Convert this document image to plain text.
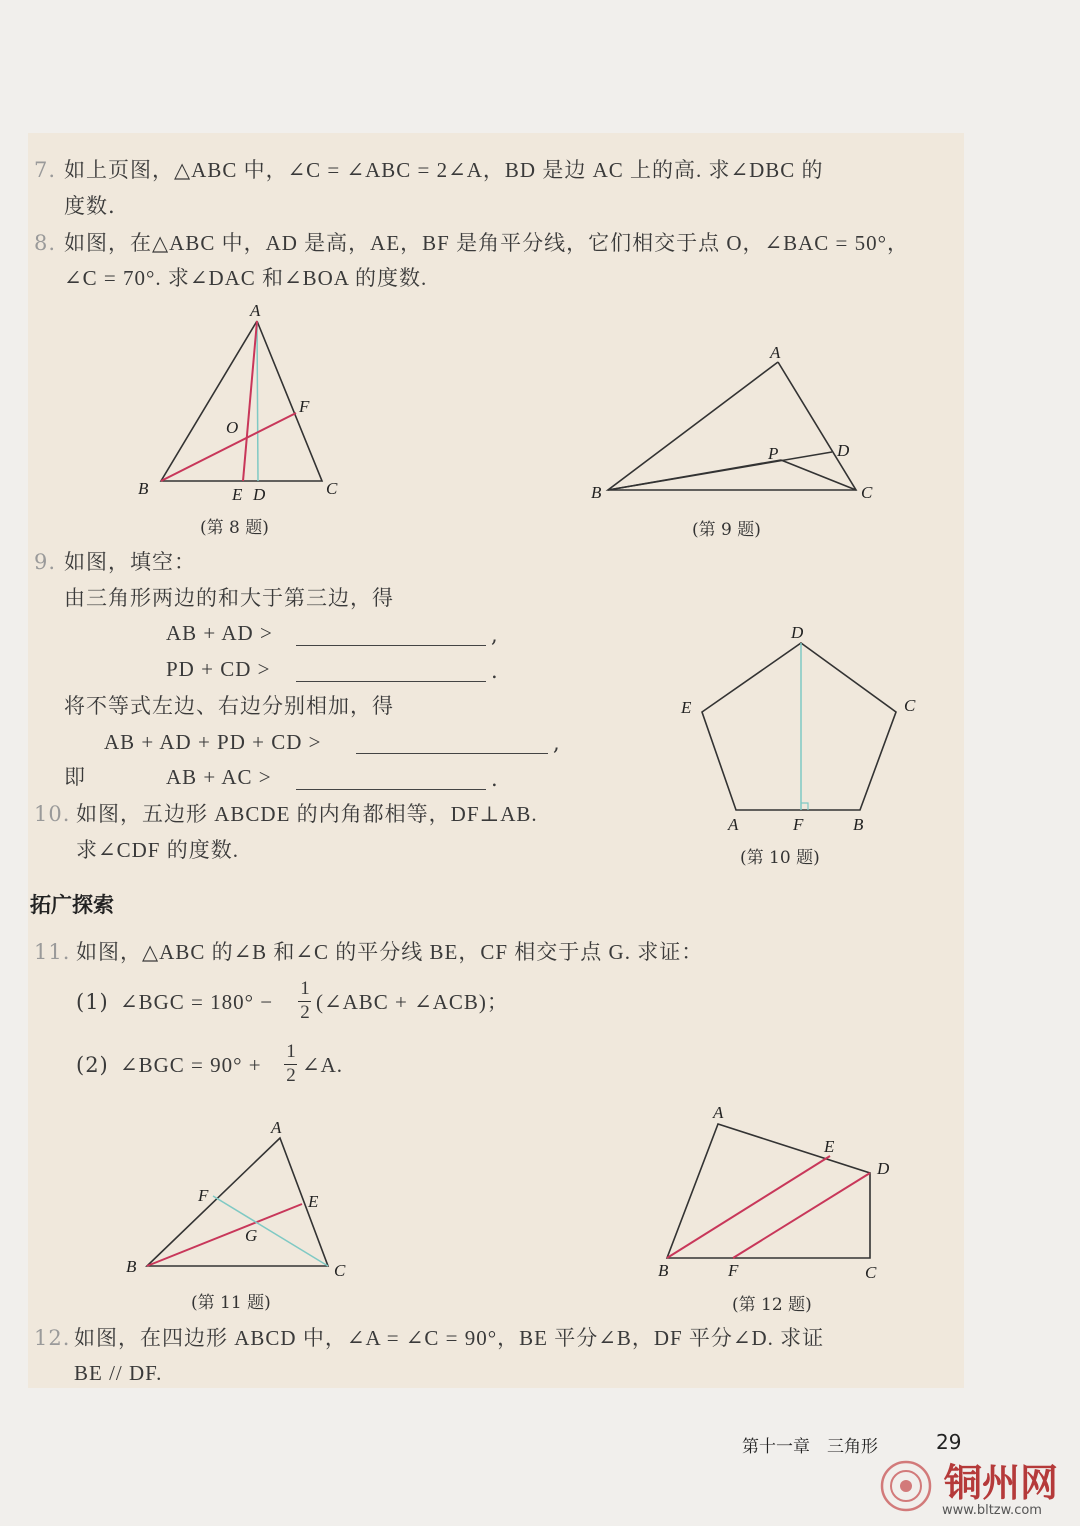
7. 如上页图，△ABC 中，∠C = ∠ABC = 2∠A，BD 是边 AC 上的高. 求∠DBC 的
度数.
8. 如图，在△ABC 中，AD 是高，AE，BF 是角平分线，它们相交于点 O，∠BAC = 50°，
∠C = 70°. 求∠DAC 和∠BOA 的度数.
A
B	C
E D
F
O
(第 8 题)
A
B	C
D
P
(第 9 题)
9. 如图，填空：
由三角形两边的和大于第三边，得
AB + AD >	,
PD + CD >	.
将不等式左边、右边分别相加，得
AB + AD + PD + CD >	,
即	AB + AC >	.
D
E	C
A	F	B
(第 10 题)
10. 如图，五边形 ABCDE 的内角都相等，DF⊥AB.
求∠CDF 的度数.
拓广探索
11. 如图，△ABC 的∠B 和∠C 的平分线 BE，CF 相交于点 G. 求证：
(1) ∠BGC = 180° −
1
2 (∠ABC + ∠ACB)；
(2) ∠BGC = 90° +
1
2 ∠A.
A
B	C
E
F
G
(第 11 题)
A
E
D
B	F	C
(第 12 题)
12. 如图，在四边形 ABCD 中，∠A = ∠C = 90°，BE 平分∠B，DF 平分∠D. 求证
BE // DF.
第十一章　三角形	29
铜州网
www.bltzw.com
